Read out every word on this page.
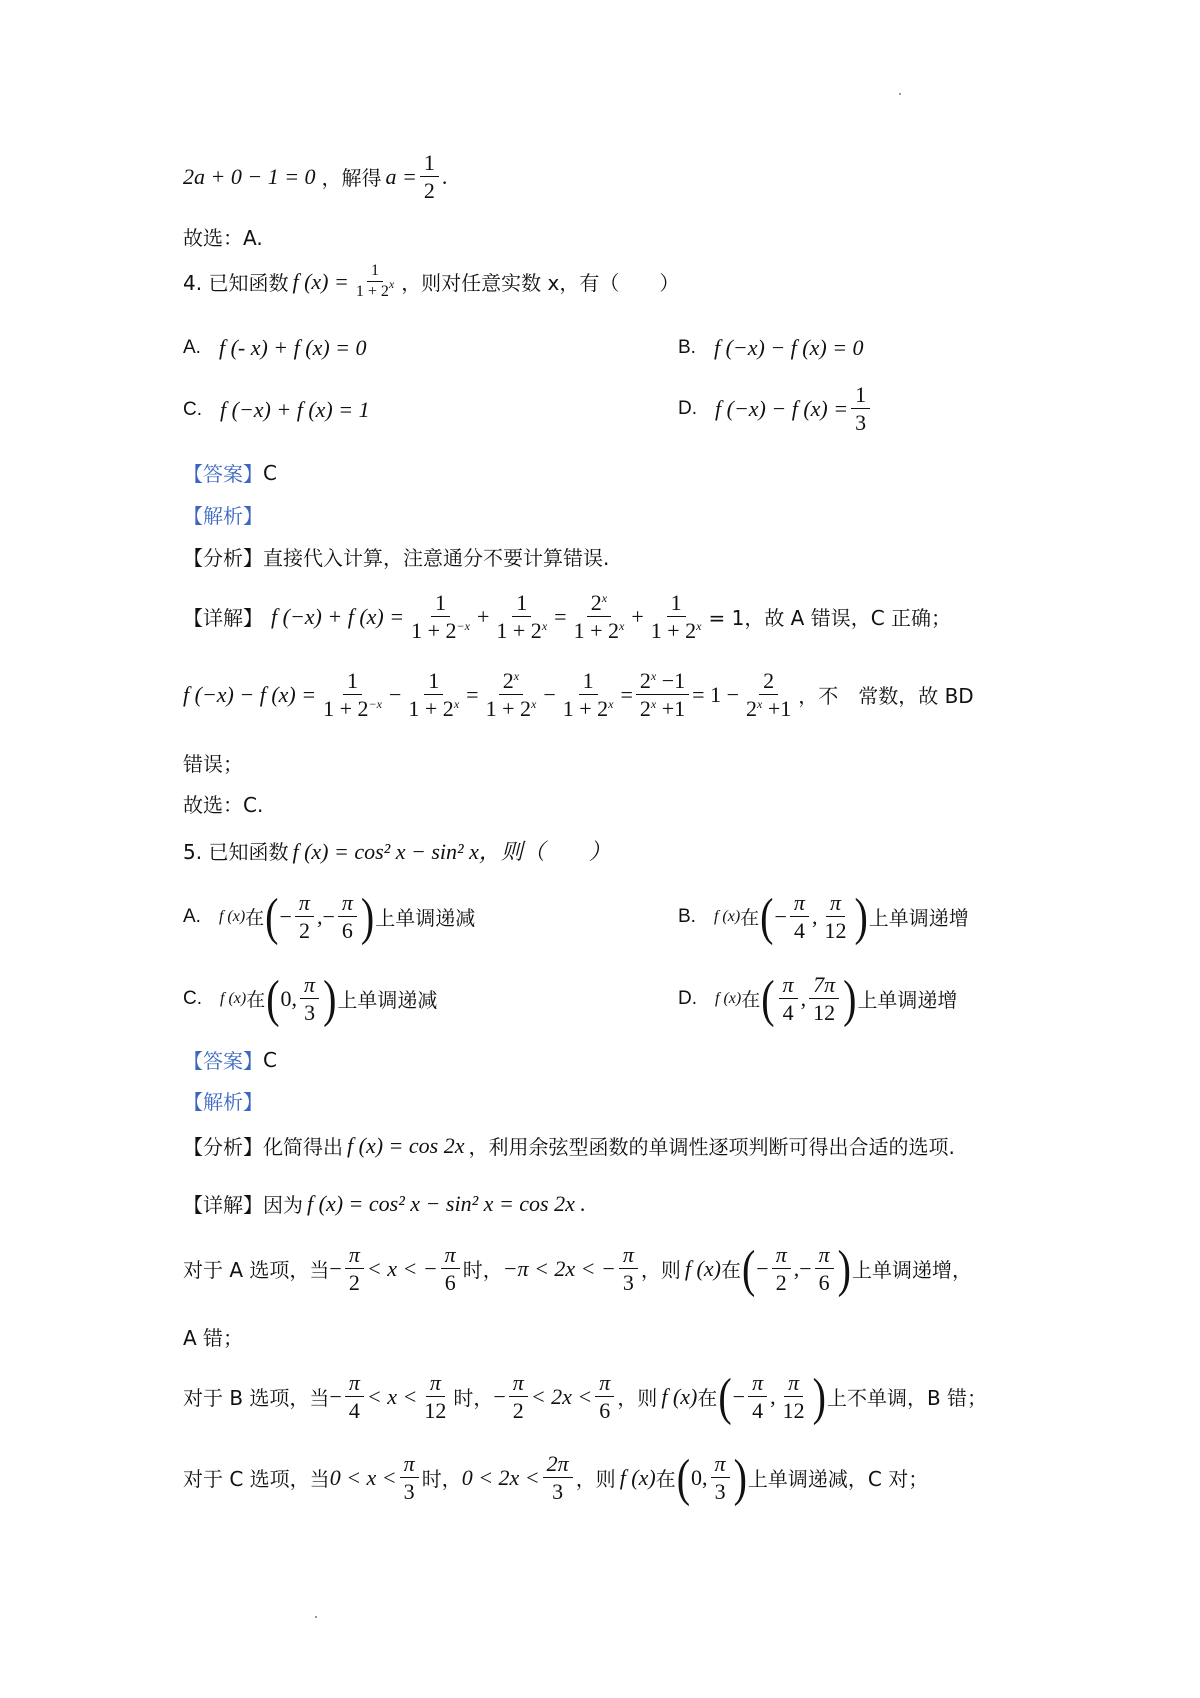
2a + 0 − 1 = 0 ，解得 $a = \frac{1}{2}$ .
故选：A.
4. 已知函数 f $(x) = \frac{1}{1 + 2^x}$ ，则对任意实数 x，有（　　）
A. f (- x) + f (x) = 0	B. f (−x) − f (x) = 0
C. f (−x) + f (x) = 1	D. f (−x) − f $(x) = \frac{1}{3}$
【答案】 C
【解析】
【分析】 直接代入计算，注意通分不要计算错误.
【详解】 f (−x) + f $(x) = \frac{1}{1 + 2^{-x}} + \frac{1}{1 + 2^x} = \frac{2^x}{1 + 2^x} + \frac{1}{1 + 2^x} = 1$，故 A 错误，C 正确；
f (−x) − f $(x) = \frac{1}{1 + 2^{-x}} - \frac{1}{1 + 2^x} = \frac{2^x}{1 + 2^x} - \frac{1}{1 + 2^x} = \frac{2^x -1}{2^x +1} = 1 - \frac{2}{2^x +1}$ ，不　常数，故 BD
错误；
故选：C.
5. 已知函数 f (x) = cos² x − sin² x，则（　　）
A. f (x) 在 ( − $\frac{\pi}{2}$ ,− $\frac{\pi}{6}$ ) 上单调递减	B. f (x) 在 ( − $\frac{\pi}{4}$ , $\frac{\pi}{12}$ ) 上单调递增
C. f (x) 在 ( 0, $\frac{\pi}{3}$ ) 上单调递减	D. f (x) 在 ( $\frac{\pi}{4}$ , $\frac{7\pi}{12}$ ) 上单调递增
【答案】 C
【解析】
【分析】 化简得出 f (x) = cos 2x ，利用余弦型函数的单调性逐项判断可得出合适的选项.
【详解】 因为 f (x) = cos² x − sin² x = cos 2x .
对于 A 选项，当 − $\frac{\pi}{2} < x$ < − $\frac{\pi}{6}$ 时， −π < 2x < − $\frac{\pi}{3}$ ，则 f (x) 在 ( − $\frac{\pi}{2}$ ,− $\frac{\pi}{6}$ ) 上单调递增，
A 错；
对于 B 选项，当 − $\frac{\pi}{4} < x < \frac{\pi}{12}$ 时， − $\frac{\pi}{2} < 2x < \frac{\pi}{6}$ ，则 f (x) 在 ( − $\frac{\pi}{4}$ , $\frac{\pi}{12}$ ) 上不单调，B 错；
对于 C 选项，当 $0 < x < \frac{\pi}{3}$ 时， $0 < 2x < \frac{2\pi}{3}$ ，则 f (x) 在 ( 0, $\frac{\pi}{3}$ ) 上单调递减，C 对；
